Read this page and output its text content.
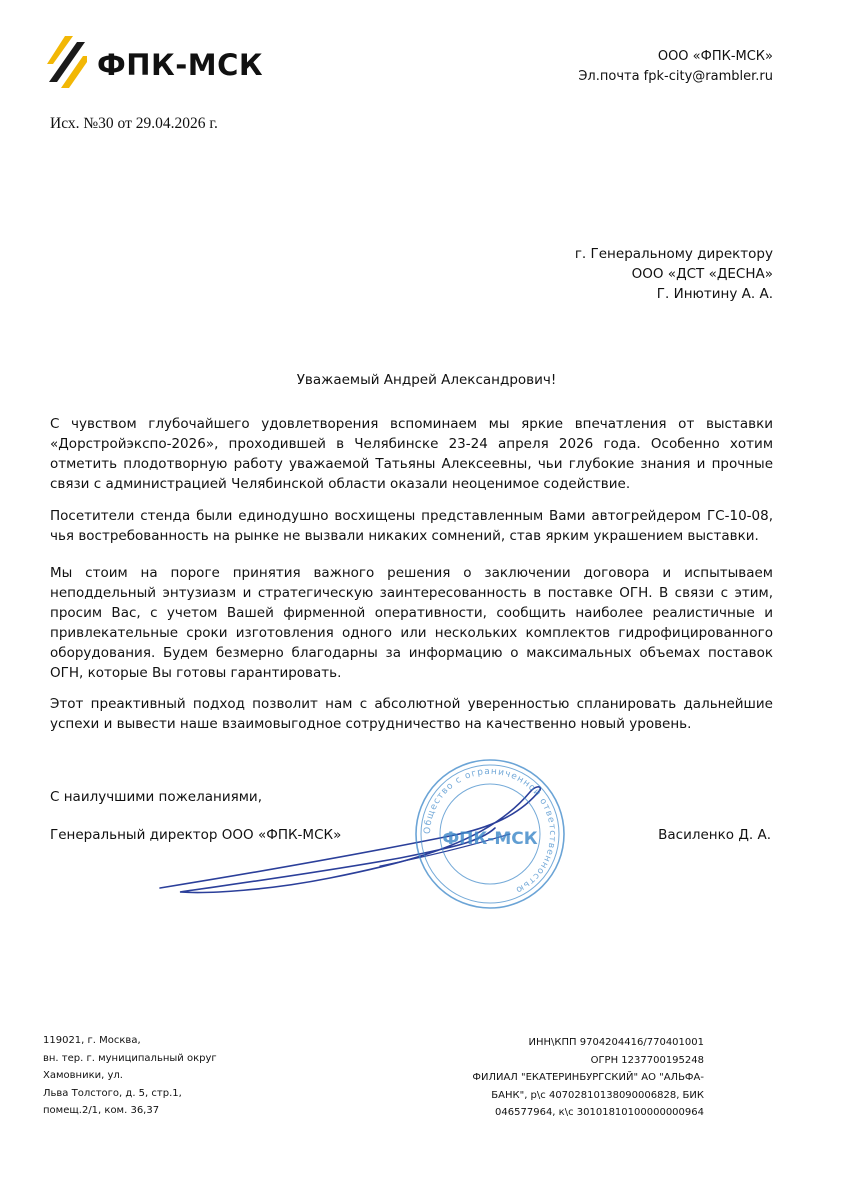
ФПК-МСК	ООО «ФПК-МСК»
Эл.почта fpk-city@rambler.ru
Исх. №30 от 29.04.2026 г.
г. Генеральному директору
ООО «ДСТ «ДЕСНА»
Г. Инютину А. А.
Уважаемый Андрей Александрович!
С чувством глубочайшего удовлетворения вспоминаем мы яркие впечатления от выставки «Дорстройэкспо-2026», проходившей в Челябинске 23-24 апреля 2026 года. Особенно хотим отметить плодотворную работу уважаемой Татьяны Алексеевны, чьи глубокие знания и прочные связи с администрацией Челябинской области оказали неоценимое содействие.
Посетители стенда были единодушно восхищены представленным Вами автогрейдером ГС-10-08, чья востребованность на рынке не вызвали никаких сомнений, став ярким украшением выставки.
Мы стоим на пороге принятия важного решения о заключении договора и испытываем неподдельный энтузиазм и стратегическую заинтересованность в поставке ОГН. В связи с этим, просим Вас, с учетом Вашей фирменной оперативности, сообщить наиболее реалистичные и привлекательные сроки изготовления одного или нескольких комплектов гидрофицированного оборудования. Будем безмерно благодарны за информацию о максимальных объемах поставок ОГН, которые Вы готовы гарантировать.
Этот преактивный подход позволит нам с абсолютной уверенностью спланировать дальнейшие успехи и вывести наше взаимовыгодное сотрудничество на качественно новый уровень.
С наилучшими пожеланиями,
Общество с ограниченной ответственностью
ФПК-МСК
Генеральный директор ООО «ФПК-МСК»	Василенко Д. А.
119021, г. Москва,
вн. тер. г. муниципальный округ
Хамовники, ул.
Льва Толстого, д. 5, стр.1,
помещ.2/1, ком. 36,37
ИНН\КПП 9704204416/770401001
ОГРН 1237700195248
ФИЛИАЛ "ЕКАТЕРИНБУРГСКИЙ" АО "АЛЬФА-
БАНК", р\с 40702810138090006828, БИК
046577964, к\с 30101810100000000964
